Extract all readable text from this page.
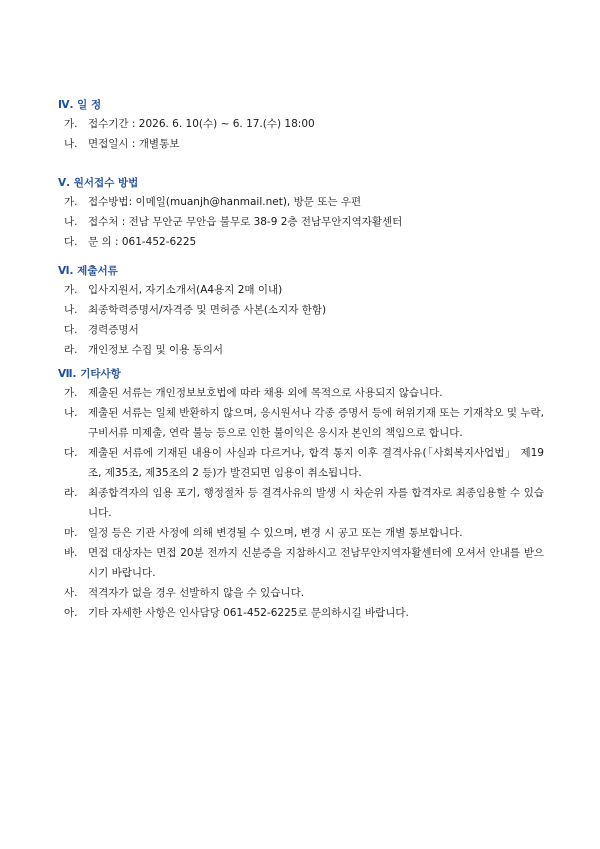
Ⅳ. 일 정
가. 접수기간 : 2026. 6. 10(수) ~ 6. 17.(수) 18:00
나. 면접일시 : 개별통보
Ⅴ. 원서접수 방법
가. 접수방법: 이메일(muanjh@hanmail.net), 방문 또는 우편
나. 접수처 : 전남 무안군 무안읍 불무로 38-9 2층 전남무안지역자활센터
다. 문 의 : 061-452-6225
Ⅵ. 제출서류
가. 입사지원서, 자기소개서(A4용지 2매 이내)
나. 최종학력증명서/자격증 및 면허증 사본(소지자 한함)
다. 경력증명서
라. 개인정보 수집 및 이용 동의서
Ⅶ. 기타사항
가. 제출된 서류는 개인정보보호법에 따라 채용 외에 목적으로 사용되지 않습니다.
나. 제출된 서류는 일체 반환하지 않으며, 응시원서나 각종 증명서 등에 허위기재 또는 기재착오 및 누락, 구비서류 미제출, 연락 불능 등으로 인한 불이익은 응시자 본인의 책임으로 합니다.
다. 제출된 서류에 기재된 내용이 사실과 다르거나, 합격 통지 이후 결격사유(「사회복지사업법」 제19조, 제35조, 제35조의 2 등)가 발견되면 임용이 취소됩니다.
라. 최종합격자의 임용 포기, 행정절차 등 결격사유의 발생 시 차순위 자를 합격자로 최종임용할 수 있습니다.
마. 일정 등은 기관 사정에 의해 변경될 수 있으며, 변경 시 공고 또는 개별 통보합니다.
바. 면접 대상자는 면접 20분 전까지 신분증을 지참하시고 전남무안지역자활센터에 오셔서 안내를 받으시기 바랍니다.
사. 적격자가 없을 경우 선발하지 않을 수 있습니다.
아. 기타 자세한 사항은 인사담당 061-452-6225로 문의하시길 바랍니다.
